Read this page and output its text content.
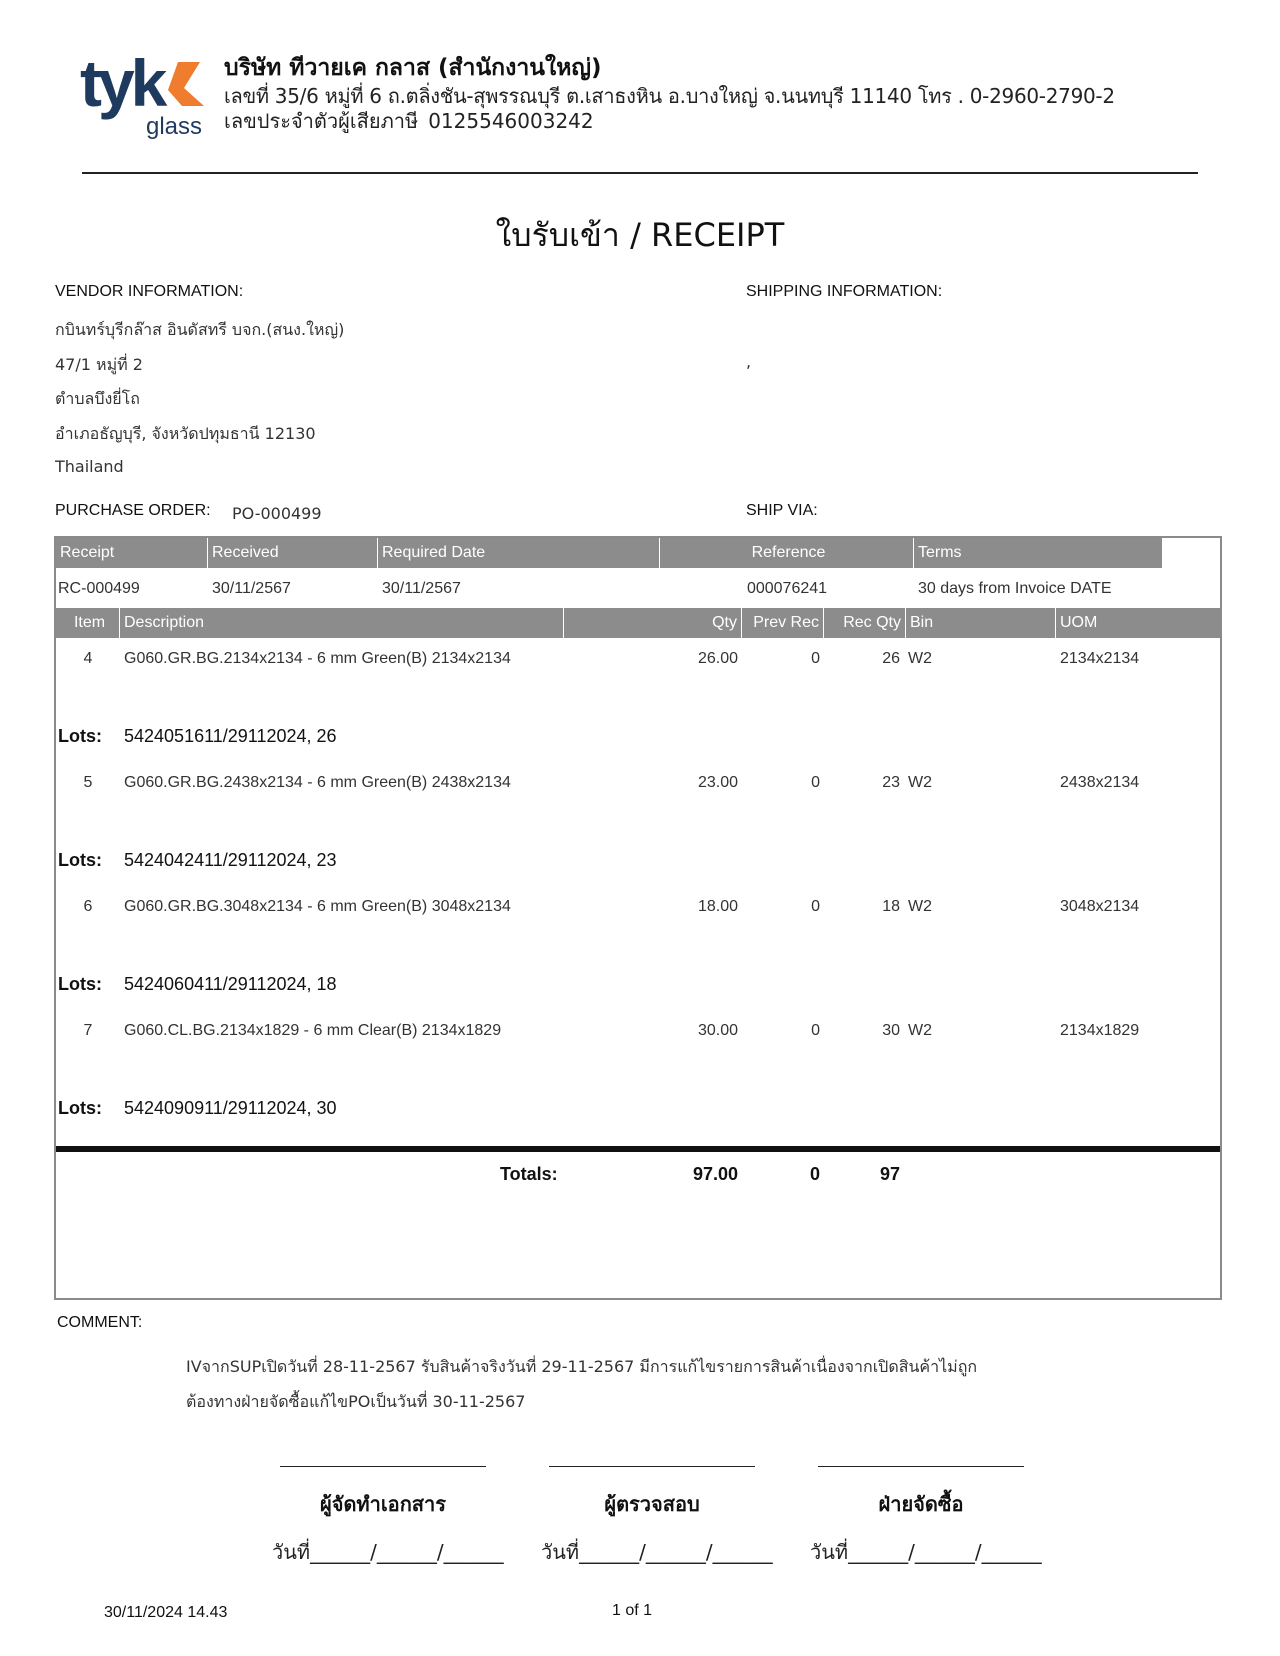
tyk
glass
บริษัท ทีวายเค กลาส (สำนักงานใหญ่)
เลขที่ 35/6 หมู่ที่ 6 ถ.ตลิ่งชัน-สุพรรณบุรี ต.เสาธงหิน อ.บางใหญ่ จ.นนทบุรี 11140 โทร . 0-2960-2790-2
เลขประจำตัวผู้เสียภาษี 0125546003242
ใบรับเข้า / RECEIPT
VENDOR INFORMATION:
กบินทร์บุรีกล๊าส อินดัสทรี บจก.(สนง.ใหญ่)
47/1 หมู่ที่ 2
ตำบลบึงยี่โถ
อำเภอธัญบุรี, จังหวัดปทุมธานี 12130
Thailand
SHIPPING INFORMATION:
,
PURCHASE ORDER: PO-000499	SHIP VIA:
Receipt	Received	Required Date	Reference	Terms
RC-000499	30/11/2567	30/11/2567	000076241	30 days from Invoice DATE
Item	Description	Qty	Prev Rec	Rec Qty Bin	UOM
4	G060.GR.BG.2134x2134 - 6 mm Green(B) 2134x2134	26.00	0	26 W2	2134x2134
Lots: 5424051611/29112024, 26
5	G060.GR.BG.2438x2134 - 6 mm Green(B) 2438x2134	23.00	0	23 W2	2438x2134
Lots: 5424042411/29112024, 23
6	G060.GR.BG.3048x2134 - 6 mm Green(B) 3048x2134	18.00	0	18 W2	3048x2134
Lots: 5424060411/29112024, 18
7	G060.CL.BG.2134x1829 - 6 mm Clear(B) 2134x1829	30.00	0	30 W2	2134x1829
Lots: 5424090911/29112024, 30
Totals:	97.00	0	97
COMMENT:
IVจากSUPเปิดวันที่ 28-11-2567 รับสินค้าจริงวันที่ 29-11-2567 มีการแก้ไขรายการสินค้าเนื่องจากเปิดสินค้าไม่ถูก
ต้องทางฝ่ายจัดซื้อแก้ไขPOเป็นวันที่ 30-11-2567
ผู้จัดทำเอกสาร	ผู้ตรวจสอบ	ฝ่ายจัดซื้อ
วันที่______/______/______ วันที่______/______/______ วันที่______/______/______
30/11/2024 14.43	1 of 1
